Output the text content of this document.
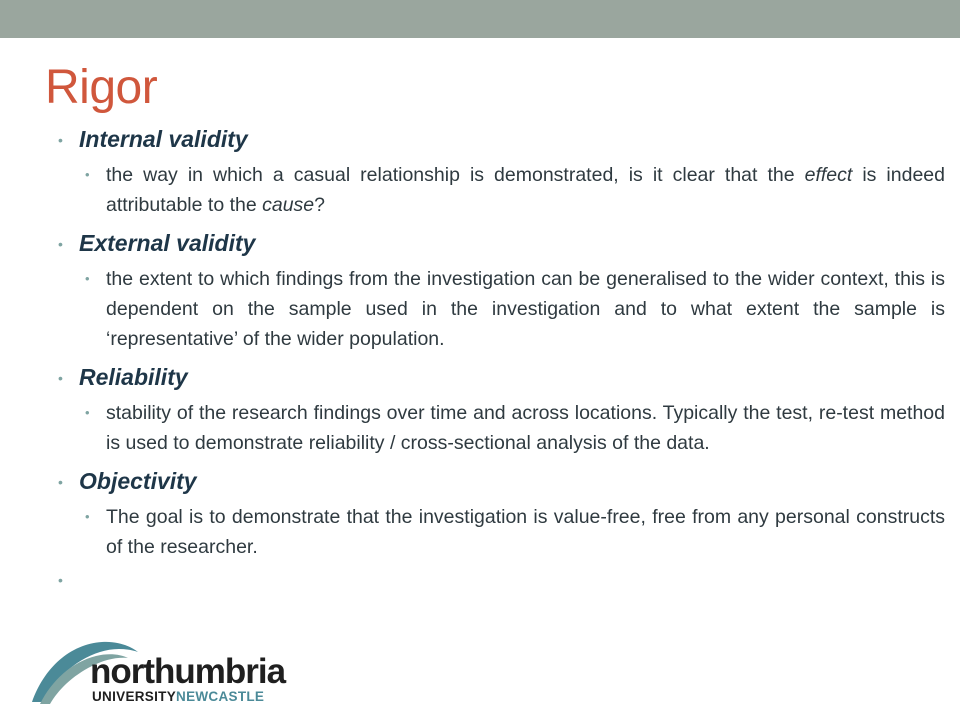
Rigor

• Internal validity

• the way in which a casual relationship is demonstrated, is it clear that the effect is indeed attributable to the cause?

• External validity

• the extent to which findings from the investigation can be generalised to the wider context, this is dependent on the sample used in the investigation and to what extent the sample is ‘representative’ of the wider population.

• Reliability

• stability of the research findings over time and across locations. Typically the test, re-test method is used to demonstrate reliability / cross-sectional analysis of the data.

• Objectivity

• The goal is to demonstrate that the investigation is value-free, free from any personal constructs of the researcher.

•
northumbria
UNIVERSITYNEWCASTLE
